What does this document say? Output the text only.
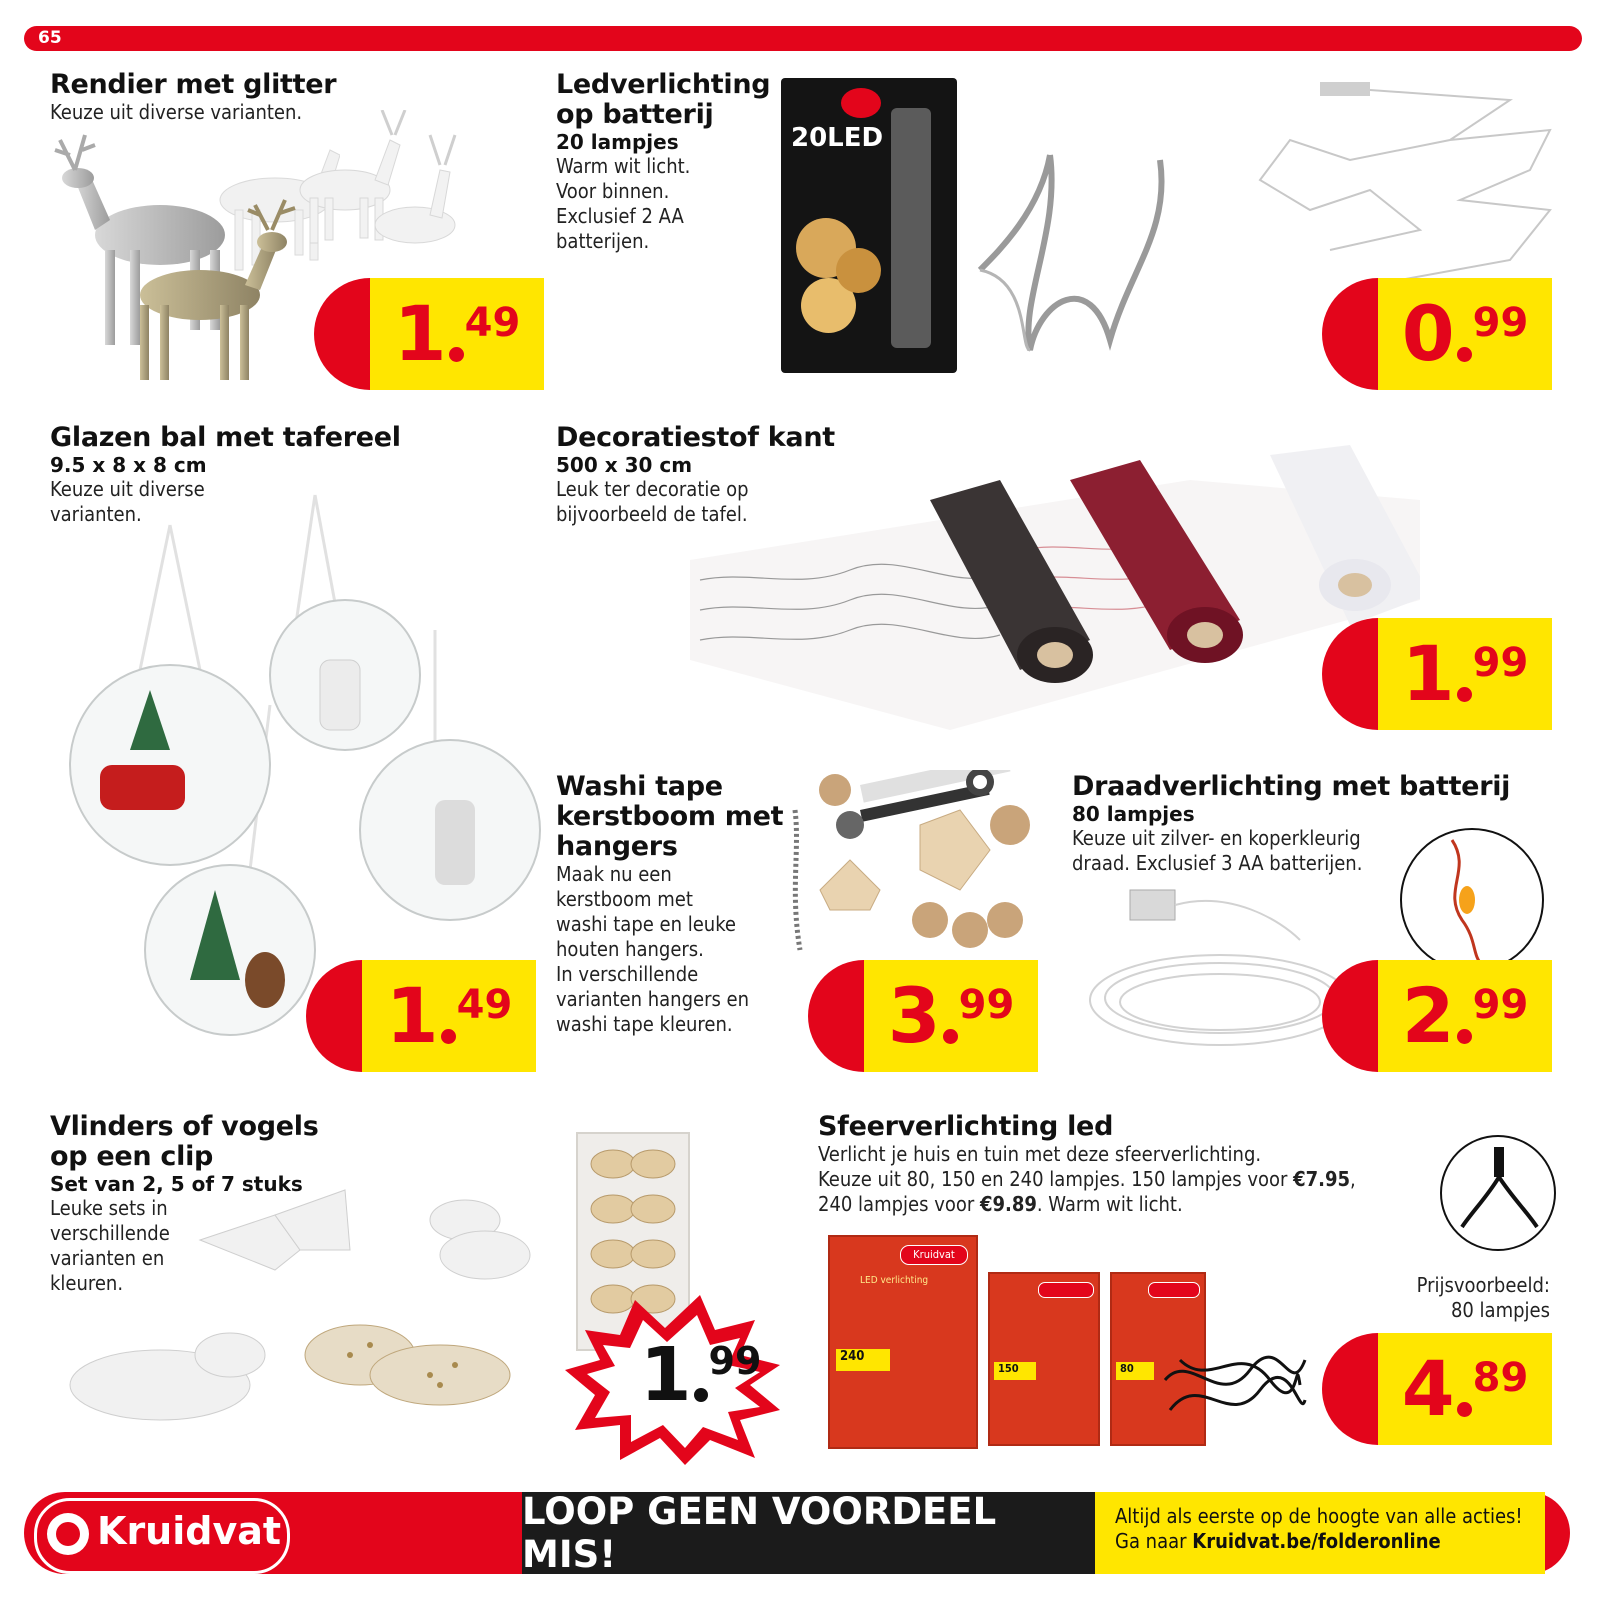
65
Rendier met glitter
Keuze uit diverse varianten.
1 49
Ledverlichting
op batterij
20 lampjes
Warm wit licht.
Voor binnen.
Exclusief 2 AA
batterijen.
20LED
0 99
Glazen bal met tafereel
9.5 x 8 x 8 cm
Keuze uit diverse
varianten.
1 49
Decoratiestof kant
500 x 30 cm
Leuk ter decoratie op
bijvoorbeeld de tafel.
1 99
Washi tape
kerstboom met
hangers
Maak nu een
kerstboom met
washi tape en leuke
houten hangers.
In verschillende
varianten hangers en
washi tape kleuren.	3 99
Draadverlichting met batterij
80 lampjes
Keuze uit zilver- en koperkleurig
draad. Exclusief 3 AA batterijen.
2 99
Vlinders of vogels
op een clip
Set van 2, 5 of 7 stuks
Leuke sets in
verschillende
varianten en
kleuren.
1 99
Sfeerverlichting led
Verlicht je huis en tuin met deze sfeerverlichting.
Keuze uit 80, 150 en 240 lampjes. 150 lampjes voor €7.95,
240 lampjes voor €9.89. Warm wit licht.
Kruidvat
LED verlichting
240
150	80
Prijsvoorbeeld:
80 lampjes
4 89
Kruidvat	LOOP GEEN VOORDEEL MIS!
Altijd als eerste op de hoogte van alle acties!
Ga naar Kruidvat.be/folderonline
